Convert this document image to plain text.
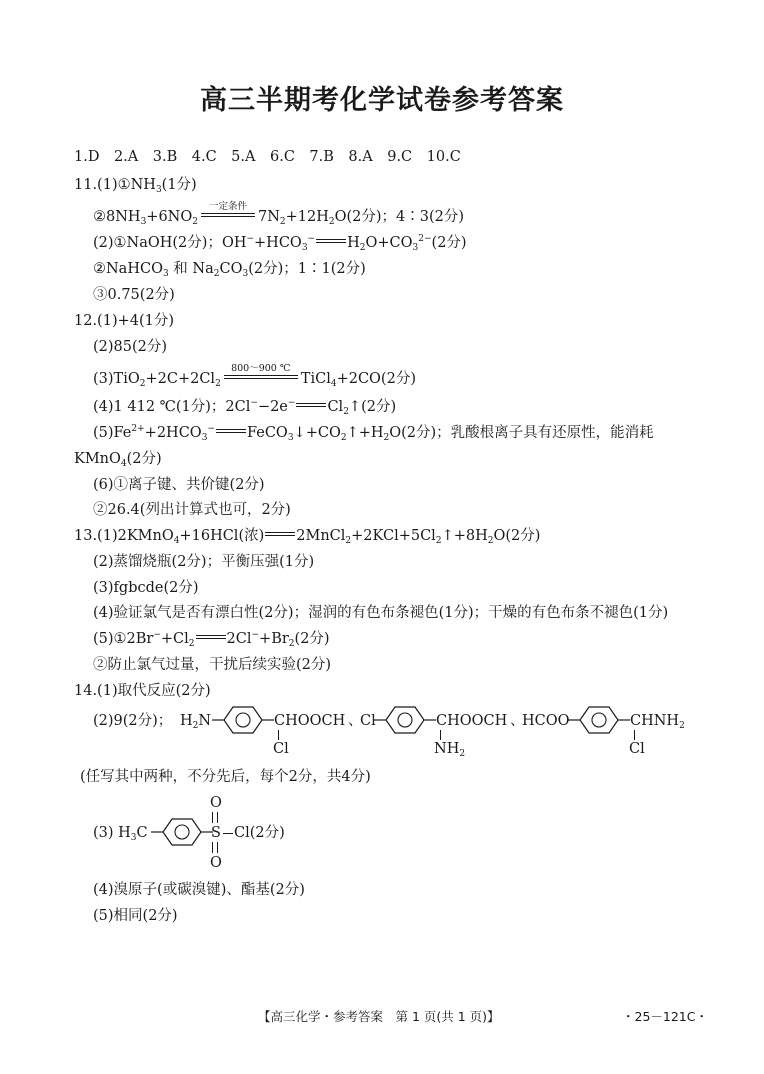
高三半期考化学试卷参考答案
1.D　2.A　3.B　4.C　5.A　6.C　7.B　8.A　9.C　10.C
$11.(1)①NH_3(1$分)
$②8NH_3+6NO_2$
一定条件
$7N_2+12H_2O(2$分)；4∶3(2分)
(2)①NaOH(2分)；$OH^-+HCO_3^-$ $H_2O+CO_3^{2-}(2$分)
②NaHCO$_3$ 和 $Na_2CO_3(2$分)；1∶1(2分)
③0.75(2分)
12.(1)+4(1分)
(2)85(2分)
$(3)TiO_2+2C+2Cl_2$
800～900 ℃
TiCl$_4$+2CO(2分)
(4)1 412 ℃(1分)；2Cl−−2e− $Cl_2↑(2$分)
$(5)Fe^{2+}+2HCO_3^-$ $FeCO_3↓+CO_2↑+H_2O(2$分)；乳酸根离子具有还原性，能消耗
KMnO$_4$(2分)
(6)①离子键、共价键(2分)
②26.4(列出计算式也可，2分)
13.(1)2KMnO$_4$+16HCl(浓) $2MnCl_2+2KCl+5Cl_2↑+8H_2O(2$分)
(2)蒸馏烧瓶(2分)；平衡压强(1分)
(3)fgbcde(2分)
(4)验证氯气是否有漂白性(2分)；湿润的有色布条褪色(1分)；干燥的有色布条不褪色(1分)
$(5)①2Br^-+Cl_2$ $2Cl^-+Br_2(2$分)
②防止氯气过量，干扰后续实验(2分)
14.(1)取代反应(2分)
(2)9(2分)； $H_2N$	CHOOCH
Cl
、
Cl	CHOOCH
$NH_2$
、
HCOO	$CHNH_2$
Cl
(任写其中两种，不分先后，每个2分，共4分)
(3) $H_3C$
O
S Cl(2分)
O
(4)溴原子(或碳溴键)、酯基(2分)
(5)相同(2分)
【高三化学・参考答案　第 1 页(共 1 页)】	・25－121C・
